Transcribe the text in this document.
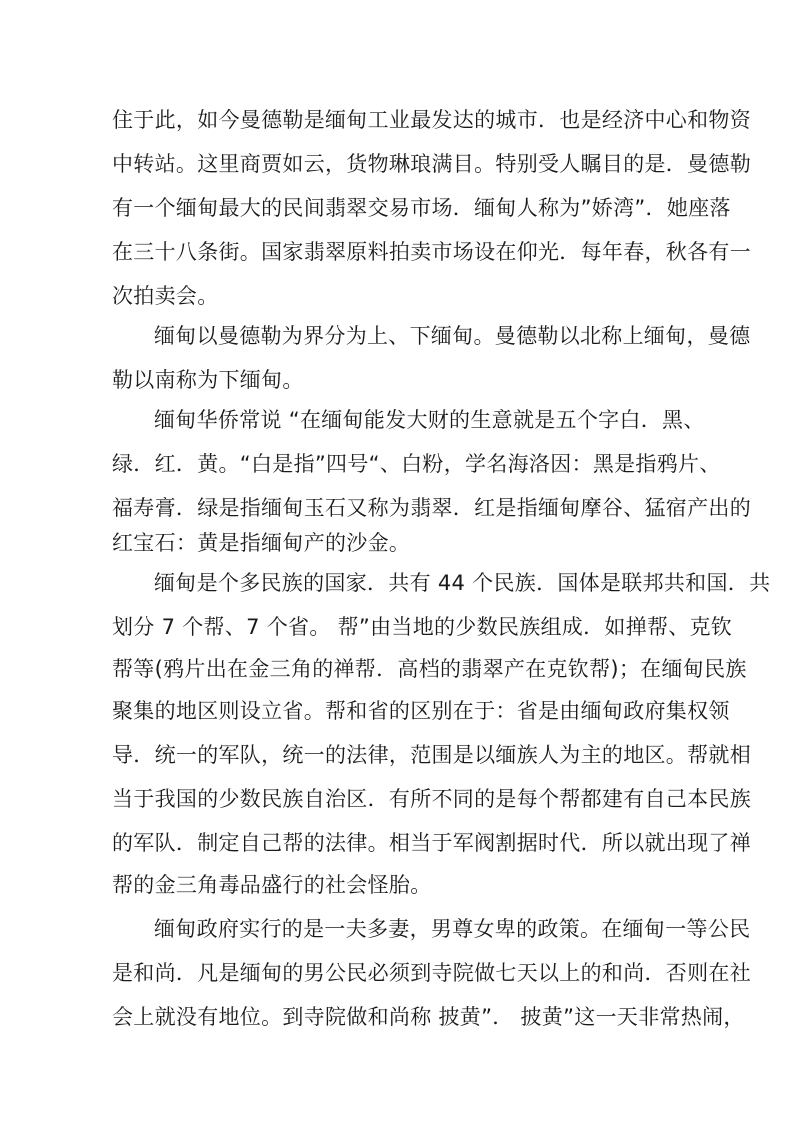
住于此，如今曼德勒是缅甸工业最发达的城市．也是经济中心和物资
中转站。这里商贾如云，货物琳琅满目。特别受人瞩目的是．曼德勒
有一个缅甸最大的民间翡翠交易市场．缅甸人称为”娇湾”．她座落
在三十八条街。国家翡翠原料拍卖市场设在仰光．每年春，秋各有一
次拍卖会。
缅甸以曼德勒为界分为上、下缅甸。曼德勒以北称上缅甸，曼德
勒以南称为下缅甸。
缅甸华侨常说 “在缅甸能发大财的生意就是五个字白．黑、
绿．红．黄。“白是指”四号“、白粉，学名海洛因：黑是指鸦片、
福寿膏．绿是指缅甸玉石又称为翡翠．红是指缅甸摩谷、猛宿产出的
红宝石：黄是指缅甸产的沙金。
缅甸是个多民族的国家．共有 44 个民族．国体是联邦共和国．共
划分 7 个帮、7 个省。 帮”由当地的少数民族组成．如掸帮、克钦
帮等(鸦片出在金三角的禅帮．高档的翡翠产在克钦帮)；在缅甸民族
聚集的地区则设立省。帮和省的区别在于：省是由缅甸政府集权领
导．统一的军队，统一的法律，范围是以缅族人为主的地区。帮就相
当于我国的少数民族自治区．有所不同的是每个帮都建有自己本民族
的军队．制定自己帮的法律。相当于军阀割据时代．所以就出现了禅
帮的金三角毒品盛行的社会怪胎。
缅甸政府实行的是一夫多妻，男尊女卑的政策。在缅甸一等公民
是和尚．凡是缅甸的男公民必须到寺院做七天以上的和尚．否则在社
会上就没有地位。到寺院做和尚称 披黄”． 披黄”这一天非常热闹，
